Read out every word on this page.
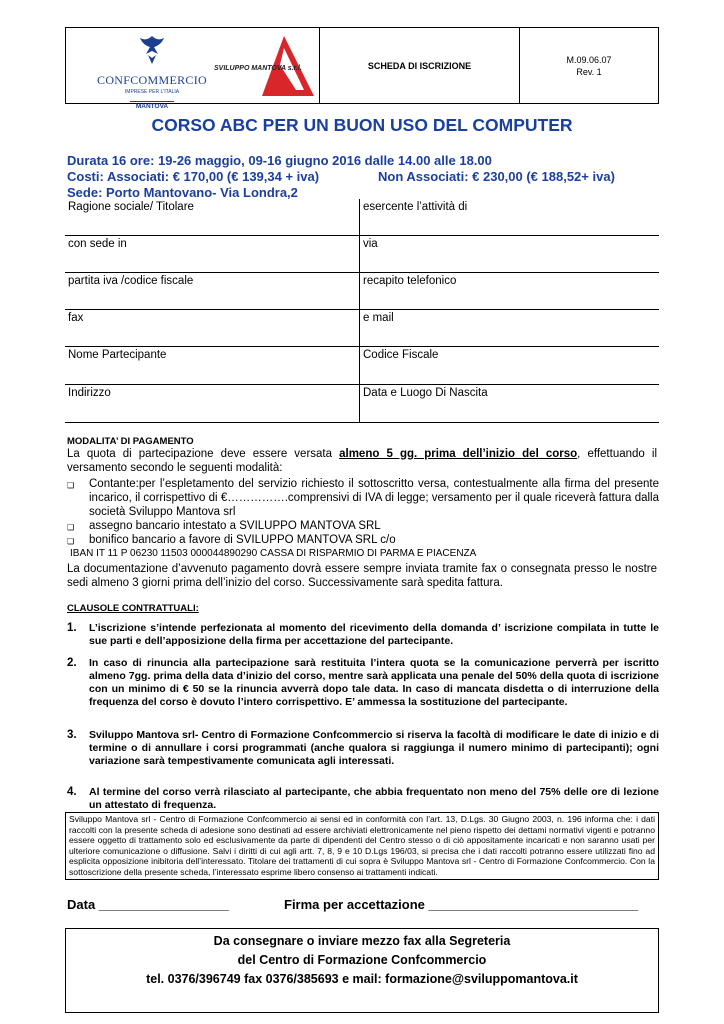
CONFCOMMERCIO
IMPRESE PER L'ITALIA
MANTOVA
SVILUPPO MANTOVA s.r.l.	SCHEDA DI ISCRIZIONE
M.09.06.07
Rev. 1
CORSO ABC PER UN BUON USO DEL COMPUTER
Durata 16 ore: 19-26 maggio, 09-16 giugno 2016 dalle 14.00 alle 18.00
Costi: Associati: € 170,00 (€ 139,34 + iva)	Non Associati: € 230,00 (€ 188,52+ iva)
Sede: Porto Mantovano- Via Londra,2
Ragione sociale/ Titolare	esercente l’attività di
con sede in	via
partita iva /codice fiscale	recapito telefonico
fax	e mail
Nome Partecipante	Codice Fiscale
Indirizzo	Data e Luogo Di Nascita
MODALITA’ DI PAGAMENTO
La quota di partecipazione deve essere versata almeno 5 gg. prima dell’inizio del corso, effettuando il versamento secondo le seguenti modalità:
❑	Contante:per l’espletamento del servizio richiesto il sottoscritto versa, contestualmente alla firma del presente incarico, il corrispettivo di €…………….comprensivi di IVA di legge; versamento per il quale riceverà fattura dalla società Sviluppo Mantova srl
❑	assegno bancario intestato a SVILUPPO MANTOVA SRL
❑	bonifico bancario a favore di SVILUPPO MANTOVA SRL c/o
IBAN IT 11 P 06230 11503 000044890290 CASSA DI RISPARMIO DI PARMA E PIACENZA
La documentazione d’avvenuto pagamento dovrà essere sempre inviata tramite fax o consegnata presso le nostre sedi almeno 3 giorni prima dell’inizio del corso. Successivamente sarà spedita fattura.
CLAUSOLE CONTRATTUALI:
1.	L’iscrizione s’intende perfezionata al momento del ricevimento della domanda d’ iscrizione compilata in tutte le sue parti e dell’apposizione della firma per accettazione del partecipante.
2.	In caso di rinuncia alla partecipazione sarà restituita l’intera quota se la comunicazione perverrà per iscritto almeno 7gg. prima della data d’inizio del corso, mentre sarà applicata una penale del 50% della quota di iscrizione con un minimo di € 50 se la rinuncia avverrà dopo tale data. In caso di mancata disdetta o di interruzione della frequenza del corso è dovuto l’intero corrispettivo. E’ ammessa la sostituzione del partecipante.
3.	Sviluppo Mantova srl- Centro di Formazione Confcommercio si riserva la facoltà di modificare le date di inizio e di termine o di annullare i corsi programmati (anche qualora si raggiunga il numero minimo di partecipanti); ogni variazione sarà tempestivamente comunicata agli interessati.
4.	Al termine del corso verrà rilasciato al partecipante, che abbia frequentato non meno del 75% delle ore di lezione un attestato di frequenza.
Sviluppo Mantova srl - Centro di Formazione Confcommercio ai sensi ed in conformità con l’art. 13, D.Lgs. 30 Giugno 2003, n. 196 informa che: i dati raccolti con la presente scheda di adesione sono destinati ad essere archiviati elettronicamente nel pieno rispetto dei dettami normativi vigenti e potranno essere oggetto di trattamento solo ed esclusivamente da parte di dipendenti del Centro stesso o di ciò appositamente incaricati e non saranno usati per ulteriore comunicazione o diffusione. Salvi i diritti di cui agli artt. 7, 8, 9 e 10 D.Lgs 196/03, si precisa che i dati raccolti potranno essere utilizzati fino ad esplicita opposizione inibitoria dell’interessato. Titolare dei trattamenti di cui sopra è Sviluppo Mantova srl - Centro di Formazione Confcommercio. Con la sottoscrizione della presente scheda, l’interessato esprime libero consenso ai trattamenti indicati.
Data __________________	Firma per accettazione _____________________________
Da consegnare o inviare mezzo fax alla Segreteria
del Centro di Formazione Confcommercio
tel. 0376/396749 fax 0376/385693 e mail: formazione@sviluppomantova.it
